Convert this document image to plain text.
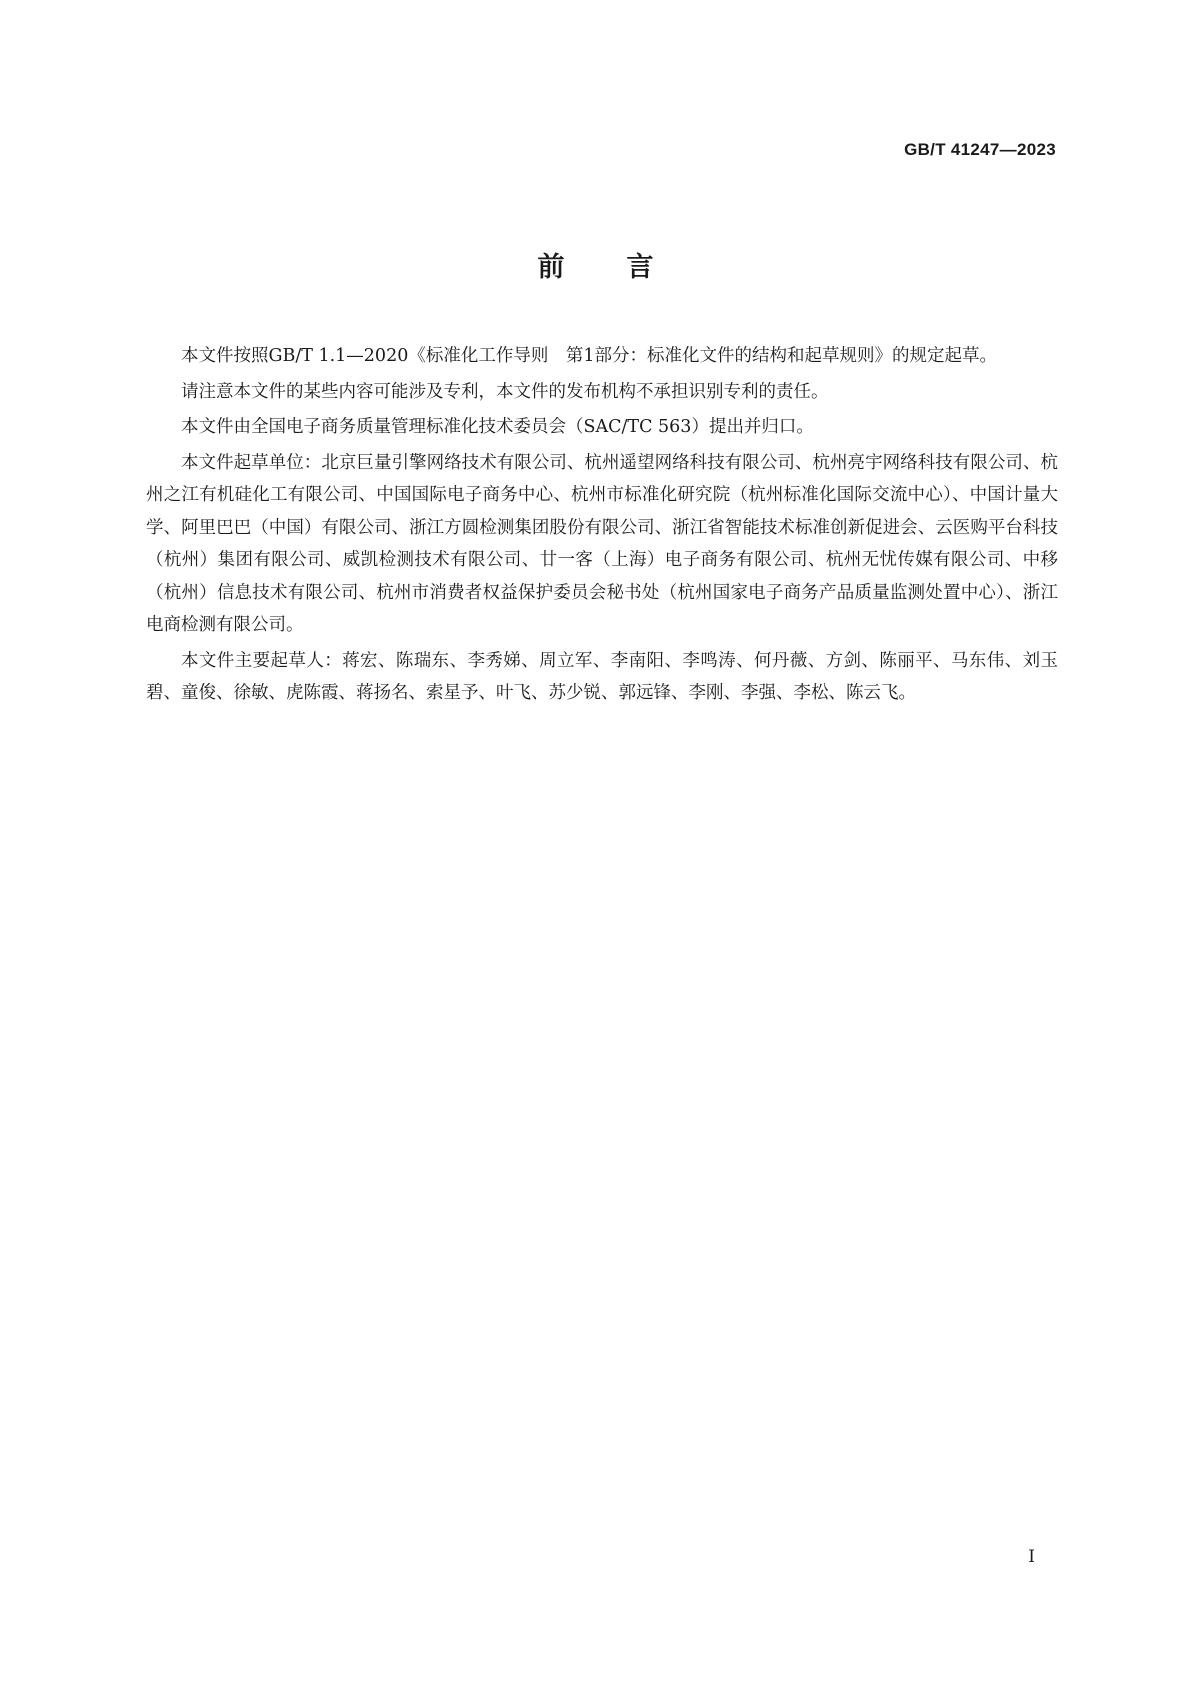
GB/T 41247—2023
前 言

本文件按照GB/T 1.1—2020《标准化工作导则　第1部分：标准化文件的结构和起草规则》的规定起草。

请注意本文件的某些内容可能涉及专利，本文件的发布机构不承担识别专利的责任。

本文件由全国电子商务质量管理标准化技术委员会（SAC/TC 563）提出并归口。

本文件起草单位：北京巨量引擎网络技术有限公司、杭州遥望网络科技有限公司、杭州亮宇网络科技有限公司、杭州之江有机硅化工有限公司、中国国际电子商务中心、杭州市标准化研究院（杭州标准化国际交流中心）、中国计量大学、阿里巴巴（中国）有限公司、浙江方圆检测集团股份有限公司、浙江省智能技术标准创新促进会、云医购平台科技（杭州）集团有限公司、威凯检测技术有限公司、廿一客（上海）电子商务有限公司、杭州无忧传媒有限公司、中移（杭州）信息技术有限公司、杭州市消费者权益保护委员会秘书处（杭州国家电子商务产品质量监测处置中心）、浙江电商检测有限公司。

本文件主要起草人：蒋宏、陈瑞东、李秀娣、周立军、李南阳、李鸣涛、何丹薇、方剑、陈丽平、马东伟、刘玉碧、童俊、徐敏、虎陈霞、蒋扬名、索星予、叶飞、苏少锐、郭远锋、李刚、李强、李松、陈云飞。

Ⅰ
